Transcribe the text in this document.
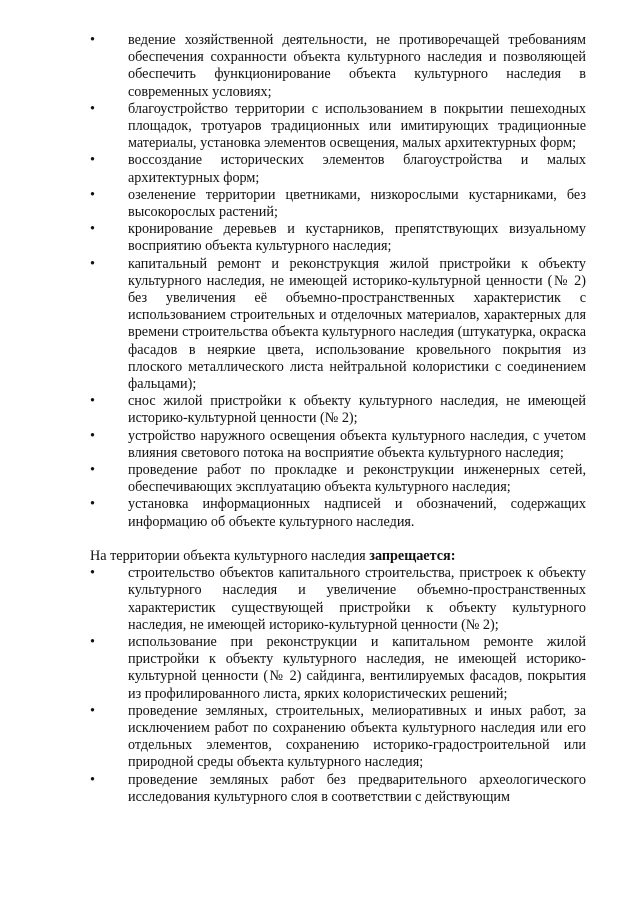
•	ведение хозяйственной деятельности, не противоречащей требованиям обеспечения сохранности объекта культурного наследия и позволяющей обеспечить функционирование объекта культурного наследия в современных условиях;

•	благоустройство территории с использованием в покрытии пешеходных площадок, тротуаров традиционных или имитирующих традиционные материалы, установка элементов освещения, малых архитектурных форм;

•	воссоздание исторических элементов благоустройства и малых архитектурных форм;

•	озеленение территории цветниками, низкорослыми кустарниками, без высокорослых растений;

•	кронирование деревьев и кустарников, препятствующих визуальному восприятию объекта культурного наследия;

•	капитальный ремонт и реконструкция жилой пристройки к объекту культурного наследия, не имеющей историко-культурной ценности (№ 2) без увеличения её объемно-пространственных характеристик с использованием строительных и отделочных материалов, характерных для времени строительства объекта культурного наследия (штукатурка, окраска фасадов в неяркие цвета, использование кровельного покрытия из плоского металлического листа нейтральной колористики с соединением фальцами);

•	снос жилой пристройки к объекту культурного наследия, не имеющей историко-культурной ценности (№ 2);

•	устройство наружного освещения объекта культурного наследия, с учетом влияния светового потока на восприятие объекта культурного наследия;

•	проведение работ по прокладке и реконструкции инженерных сетей, обеспечивающих эксплуатацию объекта культурного наследия;

•	установка информационных надписей и обозначений, содержащих информацию об объекте культурного наследия.

На территории объекта культурного наследия запрещается:

•	строительство объектов капитального строительства, пристроек к объекту культурного наследия и увеличение объемно-пространственных характеристик существующей пристройки к объекту культурного наследия, не имеющей историко-культурной ценности (№ 2);

•	использование при реконструкции и капитальном ремонте жилой пристройки к объекту культурного наследия, не имеющей историко-культурной ценности (№ 2) сайдинга, вентилируемых фасадов, покрытия из профилированного листа, ярких колористических решений;

•	проведение земляных, строительных, мелиоративных и иных работ, за исключением работ по сохранению объекта культурного наследия или его отдельных элементов, сохранению историко-градостроительной или природной среды объекта культурного наследия;

•	проведение земляных работ без предварительного археологического исследования культурного слоя в соответствии с действующим
